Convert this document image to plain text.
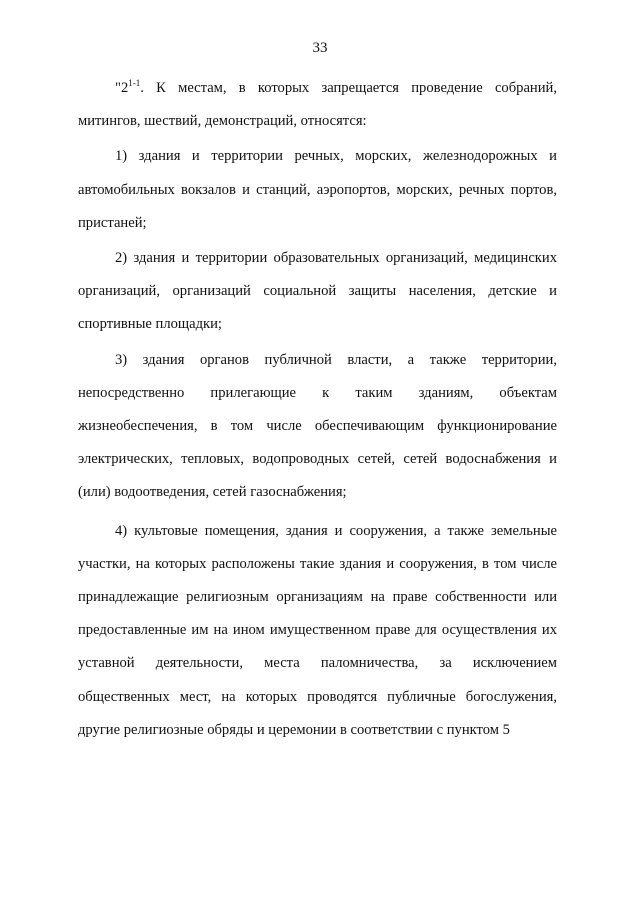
33

"2$^{1-1}$. К местам, в которых запрещается проведение собраний, митингов, шествий, демонстраций, относятся:

1) здания и территории речных, морских, железнодорожных и автомобильных вокзалов и станций, аэропортов, морских, речных портов, пристаней;

2) здания и территории образовательных организаций, медицинских организаций, организаций социальной защиты населения, детские и спортивные площадки;

3) здания органов публичной власти, а также территории, непосредственно прилегающие к таким зданиям, объектам жизнеобеспечения, в том числе обеспечивающим функционирование электрических, тепловых, водопроводных сетей, сетей водоснабжения и (или) водоотведения, сетей газоснабжения;

4) культовые помещения, здания и сооружения, а также земельные участки, на которых расположены такие здания и сооружения, в том числе принадлежащие религиозным организациям на праве собственности или предоставленные им на ином имущественном праве для осуществления их уставной деятельности, места паломничества, за исключением общественных мест, на которых проводятся публичные богослужения, другие религиозные обряды и церемонии в соответствии с пунктом 5
